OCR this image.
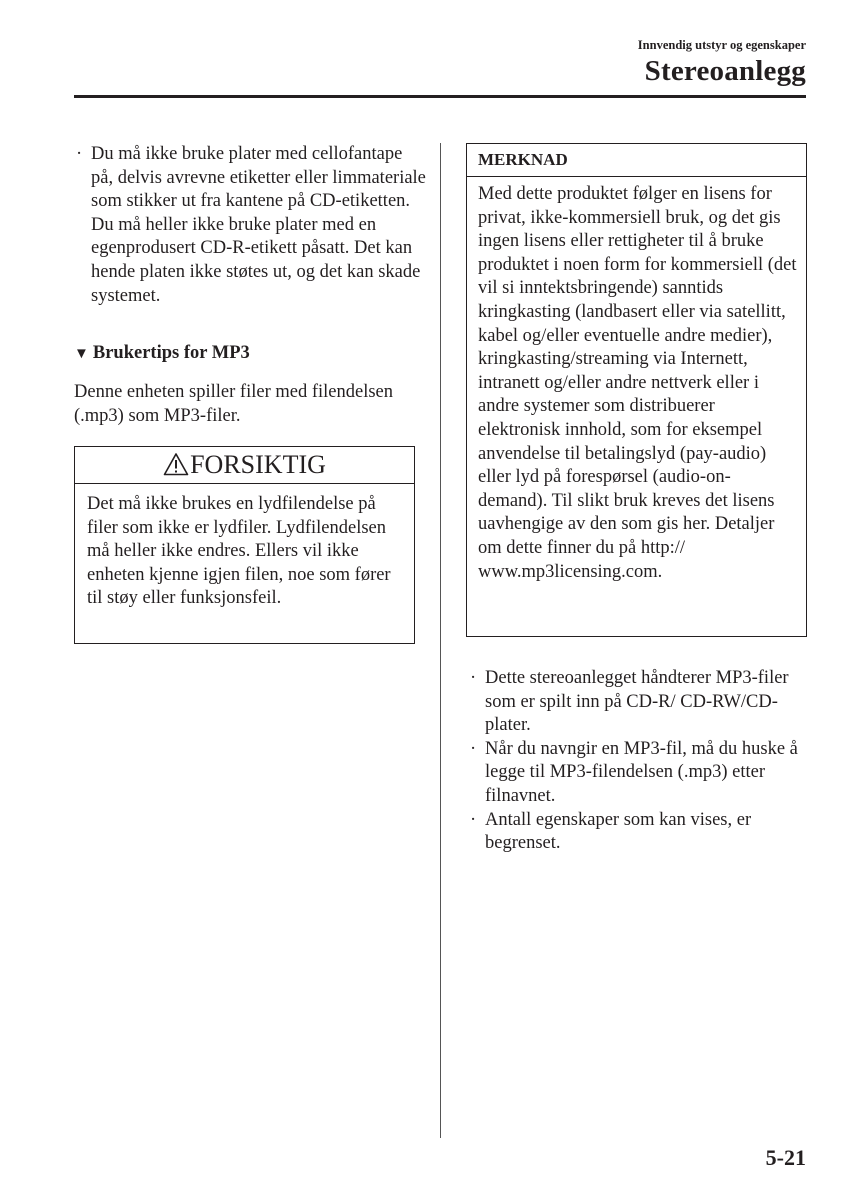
Innvendig utstyr og egenskaper
Stereoanlegg
· Du må ikke bruke plater med cellofantape på, delvis avrevne etiketter eller limmateriale som stikker ut fra kantene på CD-etiketten. Du må heller ikke bruke plater med en egenprodusert CD-R-etikett påsatt. Det kan hende platen ikke støtes ut, og det kan skade systemet.
▼ Brukertips for MP3
Denne enheten spiller filer med filendelsen (.mp3) som MP3-filer.
FORSIKTIG
Det må ikke brukes en lydfilendelse på filer som ikke er lydfiler. Lydfilendelsen må heller ikke endres. Ellers vil ikke enheten kjenne igjen filen, noe som fører til støy eller funksjonsfeil.
MERKNAD
Med dette produktet følger en lisens for privat, ikke-kommersiell bruk, og det gis ingen lisens eller rettigheter til å bruke produktet i noen form for kommersiell (det vil si inntektsbringende) sanntids kringkasting (landbasert eller via satellitt, kabel og/eller eventuelle andre medier), kringkasting/streaming via Internett, intranett og/eller andre nettverk eller i andre systemer som distribuerer elektronisk innhold, som for eksempel anvendelse til betalingslyd (pay-audio) eller lyd på forespørsel (audio-on-demand). Til slikt bruk kreves det lisens uavhengige av den som gis her. Detaljer om dette finner du på http:// www.mp3licensing.com.
· Dette stereoanlegget håndterer MP3-filer som er spilt inn på CD-R/ CD-RW/CD-plater.
· Når du navngir en MP3-fil, må du huske å legge til MP3-filendelsen (.mp3) etter filnavnet.
· Antall egenskaper som kan vises, er begrenset.
5-21
